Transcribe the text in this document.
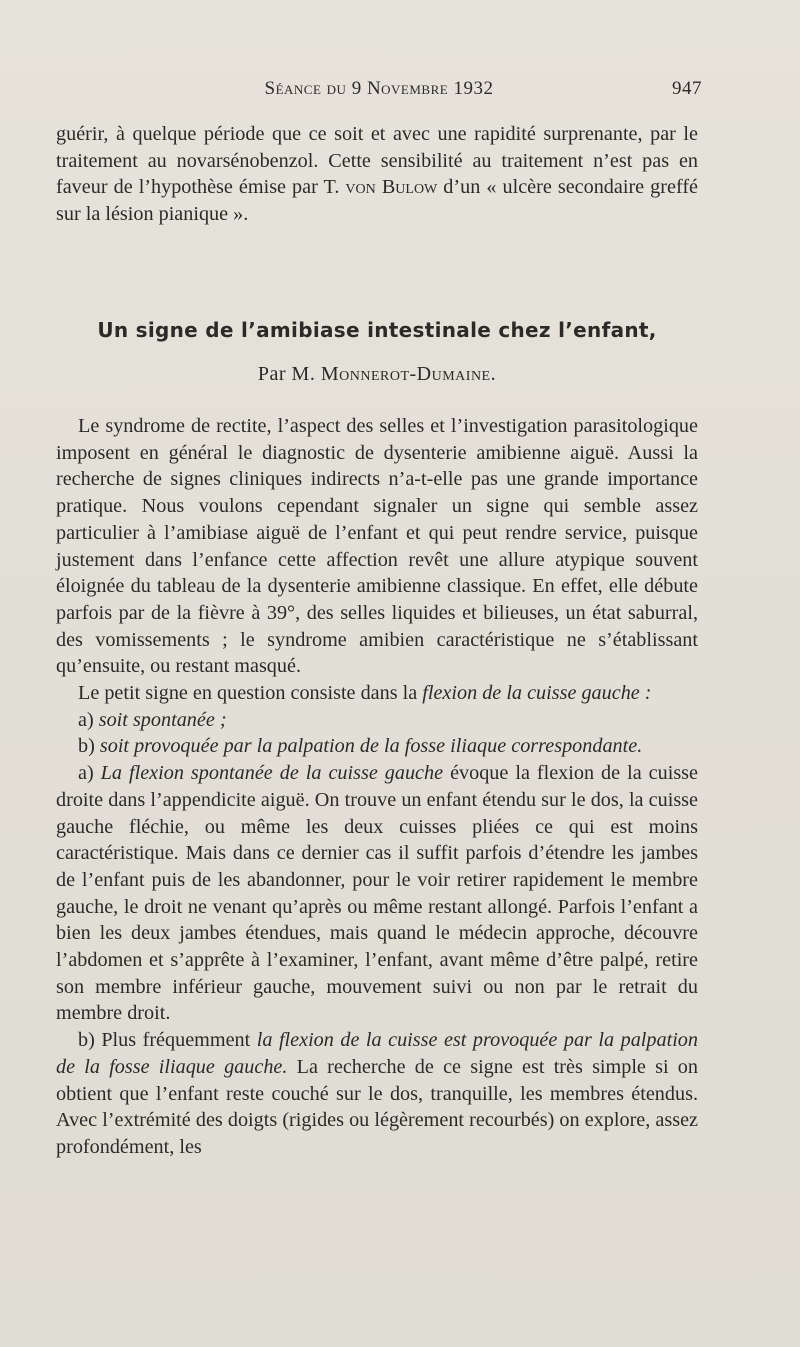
Séance du 9 Novembre 1932	947

guérir, à quelque période que ce soit et avec une rapidité surprenante, par le traitement au novarsénobenzol. Cette sensibilité au traitement n’est pas en faveur de l’hypothèse émise par T. von Bulow d’un « ulcère secondaire greffé sur la lésion pianique ».

Un signe de l’amibiase intestinale chez l’enfant,
Par M. Monnerot-Dumaine.

Le syndrome de rectite, l’aspect des selles et l’investigation parasitologique imposent en général le diagnostic de dysenterie amibienne aiguë. Aussi la recherche de signes cliniques indirects n’a-t-elle pas une grande importance pratique. Nous voulons cependant signaler un signe qui semble assez particulier à l’amibiase aiguë de l’enfant et qui peut rendre service, puisque justement dans l’enfance cette affection revêt une allure atypique souvent éloignée du tableau de la dysenterie amibienne classique. En effet, elle débute parfois par de la fièvre à 39°, des selles liquides et bilieuses, un état saburral, des vomissements ; le syndrome amibien caractéristique ne s’établissant qu’ensuite, ou restant masqué.

Le petit signe en question consiste dans la flexion de la cuisse gauche :

a) soit spontanée ;

b) soit provoquée par la palpation de la fosse iliaque correspondante.

a) La flexion spontanée de la cuisse gauche évoque la flexion de la cuisse droite dans l’appendicite aiguë. On trouve un enfant étendu sur le dos, la cuisse gauche fléchie, ou même les deux cuisses pliées ce qui est moins caractéristique. Mais dans ce dernier cas il suffit parfois d’étendre les jambes de l’enfant puis de les abandonner, pour le voir retirer rapidement le membre gauche, le droit ne venant qu’après ou même restant allongé. Parfois l’enfant a bien les deux jambes étendues, mais quand le médecin approche, découvre l’abdomen et s’apprête à l’examiner, l’enfant, avant même d’être palpé, retire son membre inférieur gauche, mouvement suivi ou non par le retrait du membre droit.

b) Plus fréquemment la flexion de la cuisse est provoquée par la palpation de la fosse iliaque gauche. La recherche de ce signe est très simple si on obtient que l’enfant reste couché sur le dos, tranquille, les membres étendus. Avec l’extrémité des doigts (rigides ou légèrement recourbés) on explore, assez profondément, les
